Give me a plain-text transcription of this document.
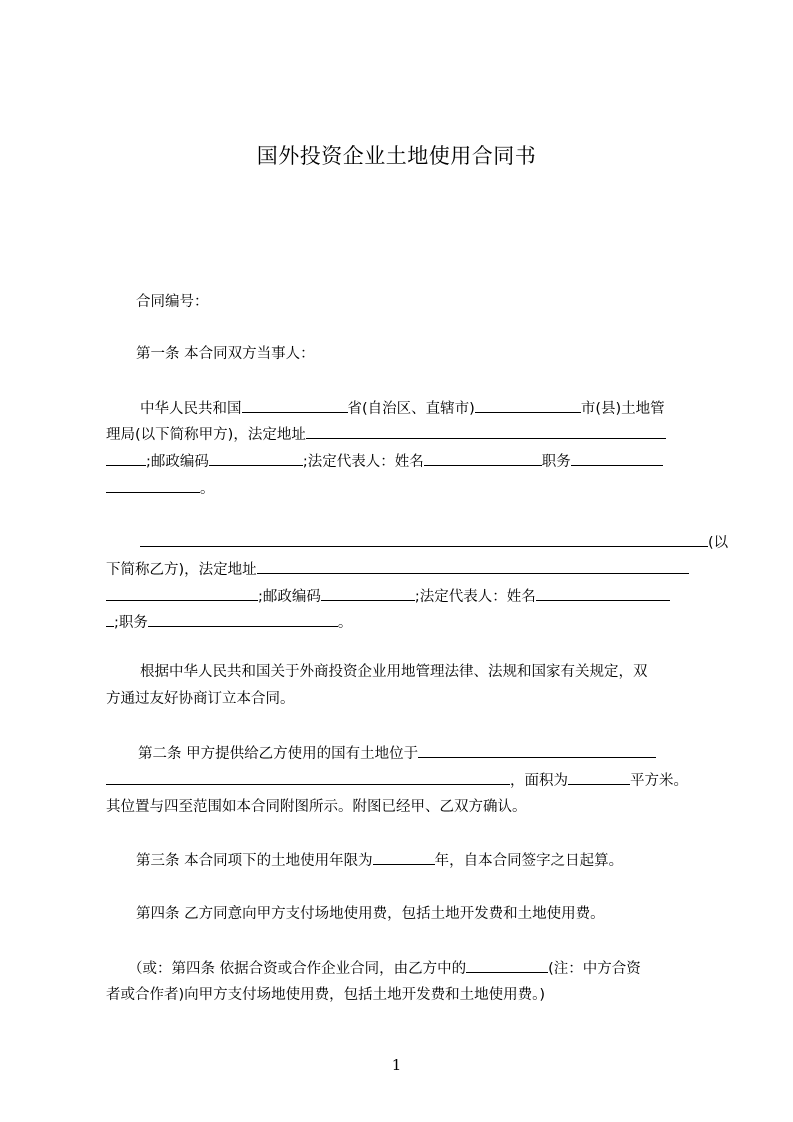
国外投资企业土地使用合同书
合同编号：
第一条 本合同双方当事人：
中华人民共和国	省(自治区、直辖市)	市(县)土地管
理局(以下简称甲方)，法定地址
;邮政编码	;法定代表人：姓名	职务
。
(以
下简称乙方)，法定地址
;邮政编码	;法定代表人：姓名
;职务	。
根据中华人民共和国关于外商投资企业用地管理法律、法规和国家有关规定，双
方通过友好协商订立本合同。
第二条 甲方提供给乙方使用的国有土地位于
，面积为	平方米。
其位置与四至范围如本合同附图所示。附图已经甲、乙双方确认。
第三条 本合同项下的土地使用年限为	年，自本合同签字之日起算。
第四条 乙方同意向甲方支付场地使用费，包括土地开发费和土地使用费。
（或：第四条 依据合资或合作企业合同，由乙方中的	(注：中方合资
者或合作者)向甲方支付场地使用费，包括土地开发费和土地使用费。)
1
